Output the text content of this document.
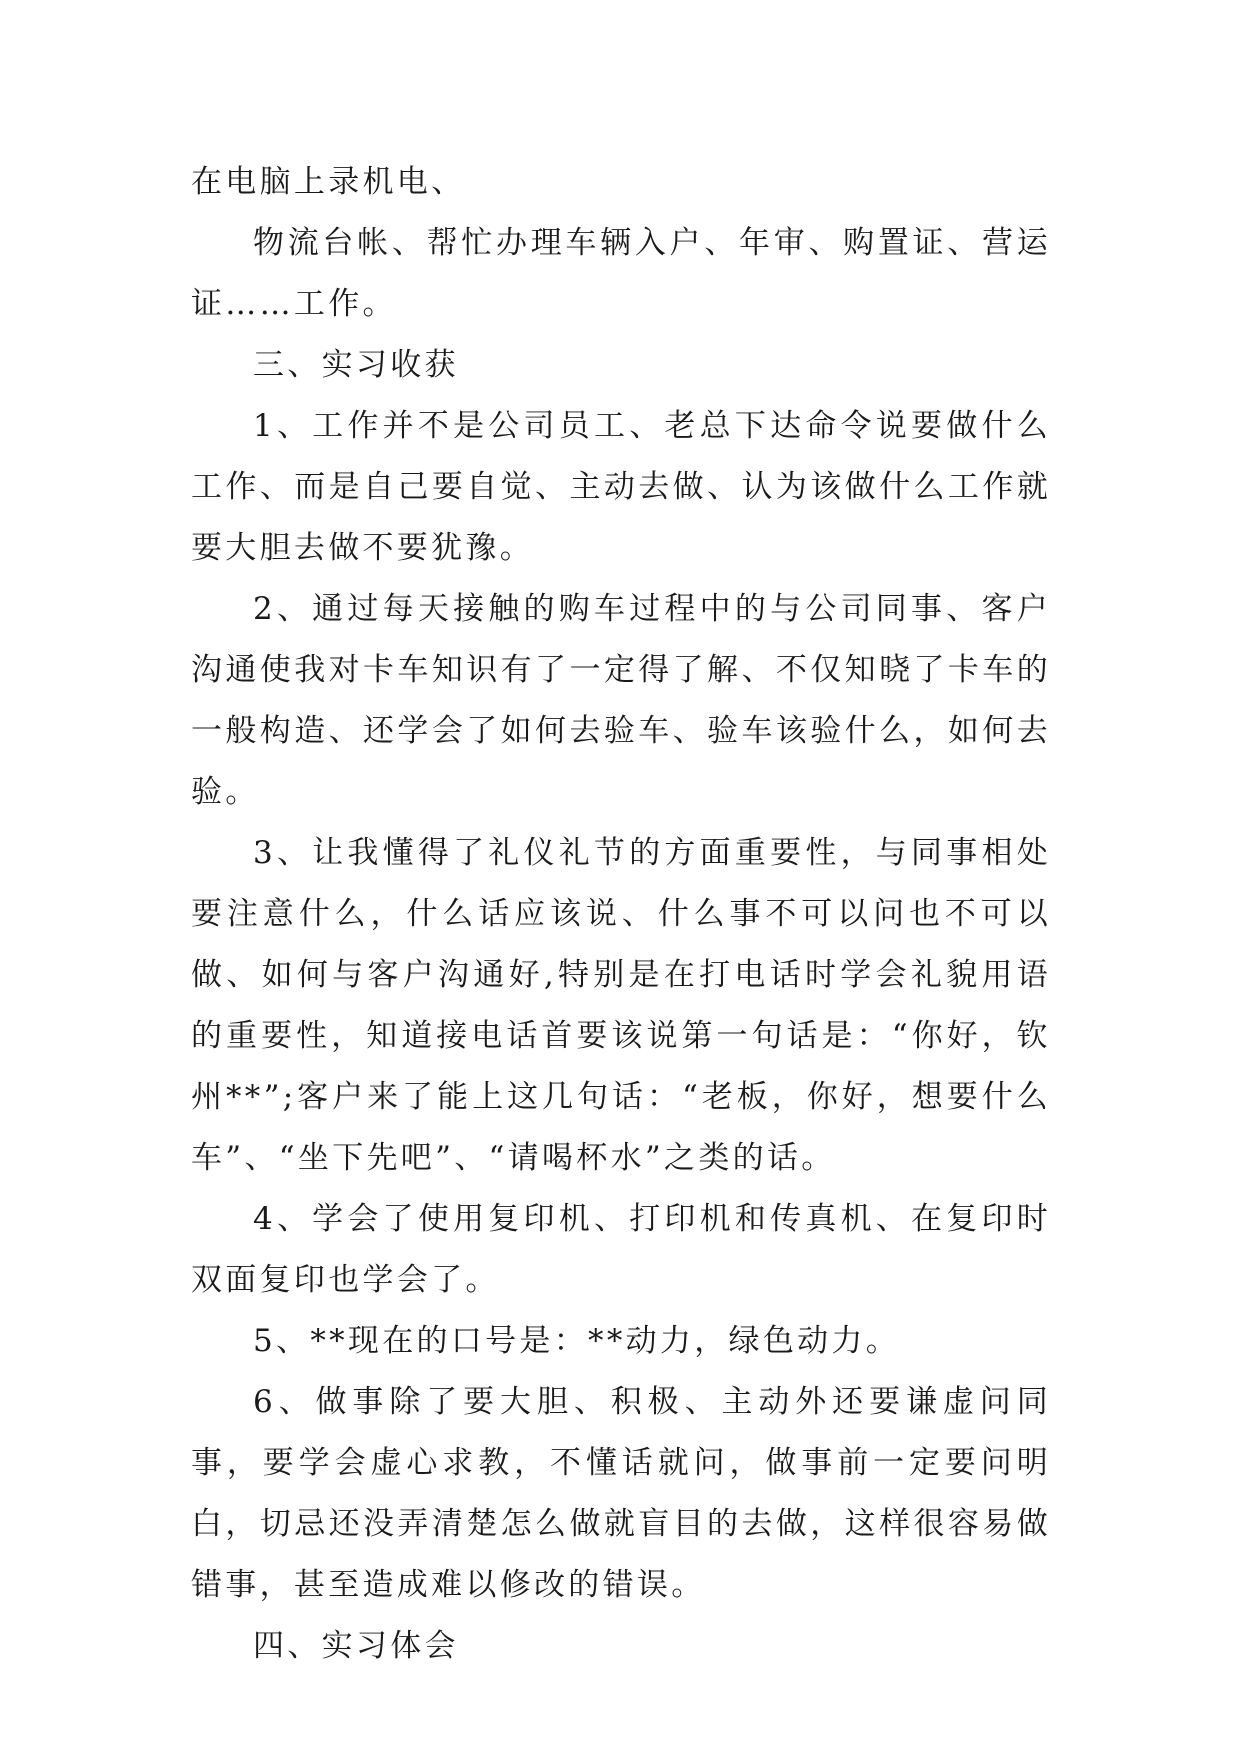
在电脑上录机电、

物流台帐、帮忙办理车辆入户、年审、购置证、营运证……工作。

三、实习收获

1、工作并不是公司员工、老总下达命令说要做什么工作、而是自己要自觉、主动去做、认为该做什么工作就要大胆去做不要犹豫。

2、通过每天接触的购车过程中的与公司同事、客户沟通使我对卡车知识有了一定得了解、不仅知晓了卡车的一般构造、还学会了如何去验车、验车该验什么，如何去验。

3、让我懂得了礼仪礼节的方面重要性，与同事相处要注意什么，什么话应该说、什么事不可以问也不可以做、如何与客户沟通好,特别是在打电话时学会礼貌用语的重要性，知道接电话首要该说第一句话是：“你好，钦州**”;客户来了能上这几句话：“老板，你好，想要什么车”、“坐下先吧”、“请喝杯水”之类的话。

4、学会了使用复印机、打印机和传真机、在复印时双面复印也学会了。

5、**现在的口号是：**动力，绿色动力。

6、做事除了要大胆、积极、主动外还要谦虚问同事，要学会虚心求教，不懂话就问，做事前一定要问明白，切忌还没弄清楚怎么做就盲目的去做，这样很容易做错事，甚至造成难以修改的错误。

四、实习体会
